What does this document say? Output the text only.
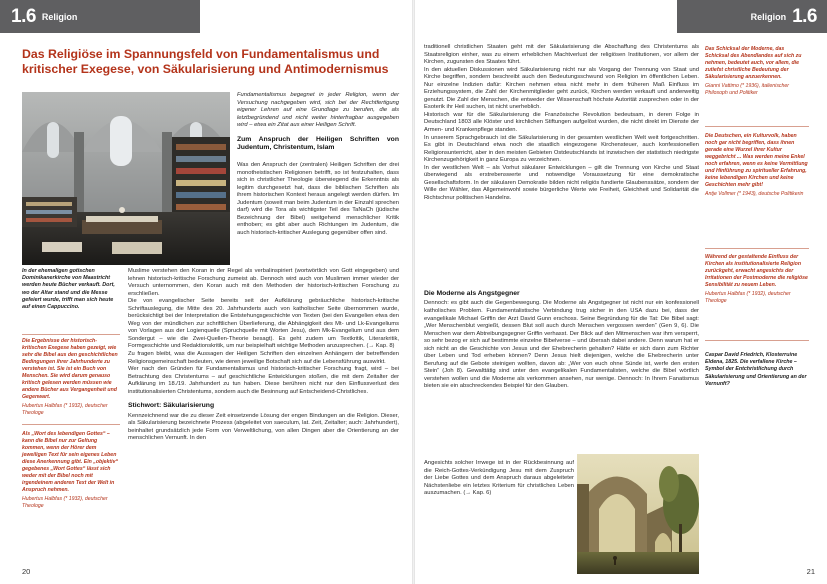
1.6 Religion
Das Religiöse im Spannungsfeld von Fundamentalismus und kritischer Exegese, von Säkularisierung und Antimodernismus
In der ehemaligen gotischen Dominikanerkirche von Maastricht werden heute Bücher verkauft. Dort, wo der Altar stand und die Messe gefeiert wurde, trifft man sich heute auf einen Cappuccino.
Die Ergebnisse der historisch-kritischen Exegese haben gezeigt, wie sehr die Bibel aus den geschichtlichen Bedingungen ihrer Jahrhunderte zu verstehen ist. Sie ist ein Buch von Menschen. Sie wird darum genauso kritisch gelesen werden müssen wie andere Bücher aus Vergangenheit und Gegenwart.
Hubertus Halbfas (* 1932), deutscher Theologe
Als „Wort des lebendigen Gottes“ – kann die Bibel nur zur Geltung kommen, wenn der Hörer dem jeweiligen Text für sein eigenes Leben diese Anerkennung gibt. Ein „objektiv“ gegebenes „Wort Gottes“ lässt sich weder mit der Bibel noch mit irgendeinem anderen Text der Welt in Anspruch nehmen.
Hubertus Halbfas (* 1932), deutscher Theologe

Fundamentalismus begegnet in jeder Religion, wenn der Versuchung nachgegeben wird, sich bei der Rechtfertigung eigener Lehren auf eine Grundlage zu berufen, die als letztbegründend und nicht weiter hinterfragbar ausgegeben wird – etwa ein Zitat aus einer Heiligen Schrift.

Zum Anspruch der Heiligen Schriften von Judentum, Christentum, Islam

Was den Anspruch der (zentralen) Heiligen Schriften der drei monotheistischen Religionen betrifft, so ist festzuhalten, dass sich in christlicher Theologie überwiegend die Erkenntnis als legitim durchgesetzt hat, dass die biblischen Schriften als ihrem historischen Kontext heraus angelegt werden dürfen. Im Judentum (soweit man beim Judentum in der Einzahl sprechen darf) wird die Tora als wichtigster Teil des TaNaCh (jüdische Bezeichnung der Bibel) weitgehend menschlicher Kritik enthoben; es gibt aber auch Richtungen im Judentum, die auch historisch-kritischer Auslegung gegenüber offen sind.

Muslime verstehen den Koran in der Regel als verbalinspiriert (wortwörtlich von Gott eingegeben) und lehnen historisch-kritische Forschung zumeist ab. Dennoch wird auch von Muslimen immer wieder der Versuch unternommen, den Koran auch mit den Methoden der historisch-kritischen Forschung zu erschließen.

Die von evangelischer Seite bereits seit der Aufklärung gebräuchliche historisch-kritische Schriftauslegung, die Mitte des 20. Jahrhunderts auch von katholischer Seite übernommen wurde, berücksichtigt bei der Interpretation die Entstehungsgeschichte von Texten (bei den Evangelien etwa den Weg von der mündlichen zur schriftlichen Überlieferung, die Abhängigkeit des Mt- und Lk-Evangeliums von Vorlagen aus der Logienquelle (Spruchquelle mit Worten Jesu), dem Mk-Evangelium und aus dem Sondergut – wie die Zwei-Quellen-Theorie besagt). Es geht zudem um Textkritik, Literarkritik, Formgeschichte und Redaktionskritik, um nur beispielhaft wichtige Methoden anzusprechen. (→ Kap. 8)

Zu fragen bleibt, was die Aussagen der Heiligen Schriften den einzelnen Anhängern der betreffenden Religionsgemeinschaft bedeuten, wie deren jeweilige Botschaft sich auf die Lebensführung auswirkt.

Wer nach den Gründen für Fundamentalismus und historisch-kritischer Forschung fragt, wird – bei Betrachtung des Christentums – auf geschichtliche Entwicklungen stoßen, die mit dem Zeitalter der Aufklärung im 18./19. Jahrhundert zu tun haben. Diese berühren nicht nur den Einflussverlust des institutionalisierten Christentums, sondern auch die Besinnung auf Entscheidend-Christliches.

Stichwort: Säkularisierung

Kennzeichnend war die zu dieser Zeit einsetzende Lösung der engen Bindungen an die Religion. Dieser, als Säkularisierung bezeichnete Prozess (abgeleitet von saeculum, lat. Zeit, Zeitalter; auch: Jahrhundert), beinhaltet grundsätzlich jede Form von Verweltlichung, von allen Dingen aber die Orientierung an der menschlichen Vernunft. In den

20
Religion 1.6

traditionell christlichen Staaten geht mit der Säkularisierung die Abschaffung des Christentums als Staatsreligion einher, was zu einem erheblichen Machtverlust der religiösen Institutionen, vor allem der Kirchen, zugunsten des Staates führt.

In den aktuellen Diskussionen wird Säkularisierung nicht nur als Vorgang der Trennung von Staat und Kirche begriffen, sondern beschreibt auch den Bedeutungsschwund von Religion im öffentlichen Leben. Nur einzelne Indizien dafür: Kirchen nehmen etwa nicht mehr in dem früheren Maß Einfluss im Erziehungssystem, die Zahl der Kirchenmitglieder geht zurück, Kirchen werden verkauft und anderweitig genutzt. Die Zahl der Menschen, die entweder der Wissenschaft höchste Autorität zusprechen oder in der Esoterik ihr Heil suchen, ist nicht unerheblich.

Historisch war für die Säkularisierung die Französische Revolution bedeutsam, in deren Folge in Deutschland 1803 alle Klöster und kirchlichen Stiftungen aufgelöst wurden, die nicht direkt im Dienste der Armen- und Krankenpflege standen.

In unserem Sprachgebrauch ist die Säkularisierung in der gesamten westlichen Welt weit fortgeschritten. Es gibt in Deutschland etwa noch die staatlich eingezogene Kirchensteuer, auch konfessionellen Religionsunterricht, aber in den meisten Gebieten Ostdeutschlands ist inzwischen der statistisch niedrigste Kirchenzugehörigkeit in ganz Europa zu verzeichnen.

In der westlichen Welt – als Vorhut säkularer Entwicklungen – gilt die Trennung von Kirche und Staat überwiegend als erstrebenswerte und notwendige Voraussetzung für eine demokratische Gesellschaftsform. In der säkularen Demokratie bilden nicht religiös fundierte Glaubenssätze, sondern der Wille der Wähler, das Allgemeinwohl sowie bürgerliche Werte wie Freiheit, Gleichheit und Solidarität die Richtschnur politischen Handelns.

Die Moderne als Angstgegner

Dennoch: es gibt auch die Gegenbewegung. Die Moderne als Angstgegner ist nicht nur ein konfessionell katholisches Problem. Fundamentalistische Verbindung trug sicher in den USA dazu bei, dass der evangelikale Michael Griffin der Arzt David Gunn erschoss. Seine Begründung für die Tat: Die Bibel sagt: „Wer Menschenblut vergießt, dessen Blut soll auch durch Menschen vergossen werden“ (Gen 9, 6). Die Menschen war dem Abtreibungsgegner Griffin verhasst. Der Blick auf den Mitmenschen war ihm versperrt, so sehr bezog er sich auf bestimmte einzelne Bibelverse – und übersah dabei andere. Denn warum hat er sich nicht an die Geschichte von Jesus und der Ehebrecherin gehalten? Hätte er sich dann zum Richter über Leben und Tod erheben können? Denn Jesus hielt diejenigen, welche die Ehebrecherin unter Berufung auf die Gebote steinigen wollten, davon ab: „Wer von euch ohne Sünde ist, werfe den ersten Stein“ (Joh 8). Gewalttätig sind unter den evangelikalen Fundamentalisten, welche die Bibel wörtlich verstehen wollen und die Moderne als verkommen ansehen, nur wenige. Dennoch: In Ihrem Fanatismus bieten sie ein abschreckendes Beispiel für den Glauben.

Angesichts solcher Irrwege ist in der Rückbesinnung auf die Reich-Gottes-Verkündigung Jesu mit dem Zuspruch der Liebe Gottes und dem Anspruch daraus abgeleiteter Nächstenliebe ein letztes Kriterium für christliches Leben auszumachen. (→ Kap. 6)

Das Schicksal der Moderne, das Schicksal des Abendlandes auf sich zu nehmen, bedeutet auch, vor allem, die zutiefst christliche Bedeutung der Säkularisierung anzuerkennen.
Gianni Vattimo (* 1936), italienischer Philosoph und Politiker
Die Deutschen, ein Kulturvolk, haben noch gar nicht begriffen, dass ihnen gerade eine Wurzel ihrer Kultur weggebricht ... Was werden meine Enkel noch erfahren, wenn es keine Vermittlung und Hinführung zu spiritueller Erfahrung, keine lebendigen Kirchen und keine Geschichten mehr gibt!
Antje Vollmer (* 1943), deutsche Politikerin
Während der gestaltende Einfluss der Kirchen als institutionalisierte Religion zurückgeht, erwacht angesichts der Irritationen der Postmoderne die religiöse Sensibilität zu neuem Leben.
Hubertus Halbfas (* 1932), deutscher Theologe
Caspar David Friedrich, Klosterruine Eldena, 1825. Die verfallene Kirche – Symbol der Entchristlichung durch Säkularisierung und Orientierung an der Vernunft?
21
